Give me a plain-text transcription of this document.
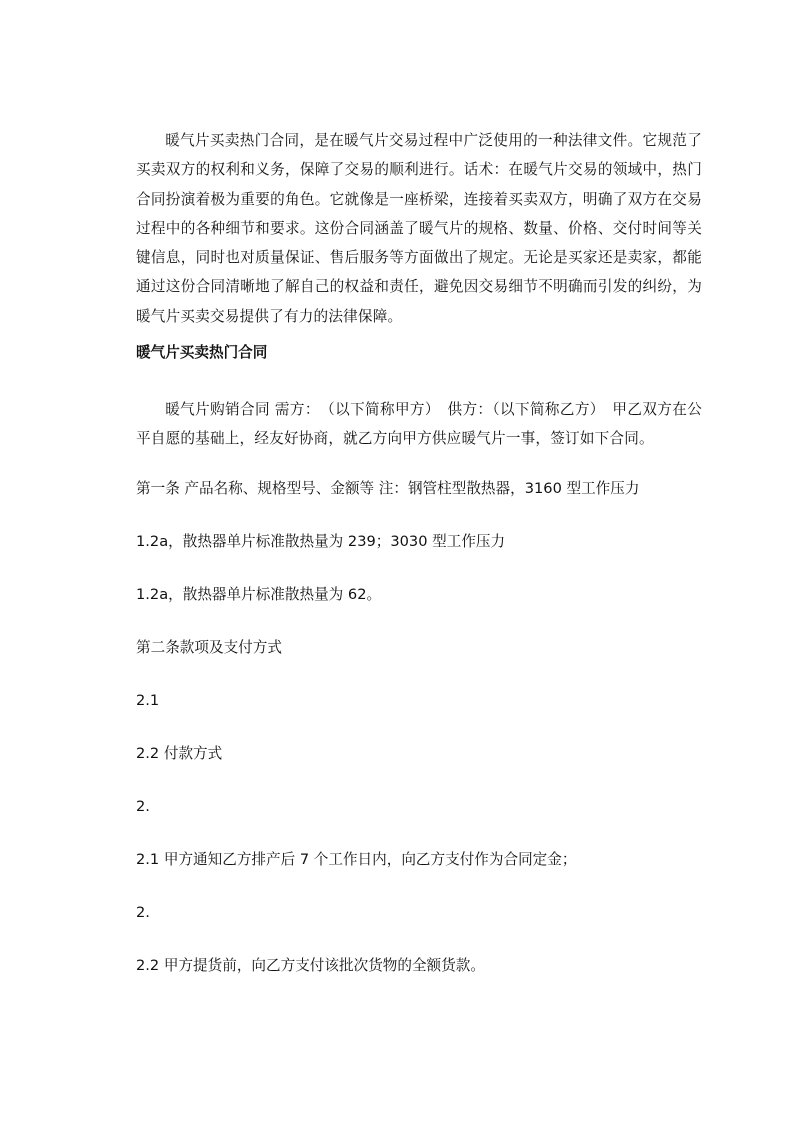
暖气片买卖热门合同，是在暖气片交易过程中广泛使用的一种法律文件。它规范了买卖双方的权利和义务，保障了交易的顺利进行。话术：在暖气片交易的领域中，热门合同扮演着极为重要的角色。它就像是一座桥梁，连接着买卖双方，明确了双方在交易过程中的各种细节和要求。这份合同涵盖了暖气片的规格、数量、价格、交付时间等关键信息，同时也对质量保证、售后服务等方面做出了规定。无论是买家还是卖家，都能通过这份合同清晰地了解自己的权益和责任，避免因交易细节不明确而引发的纠纷，为暖气片买卖交易提供了有力的法律保障。

暖气片买卖热门合同

暖气片购销合同 需方：　（以下简称甲方）　供方：（以下简称乙方）　甲乙双方在公平自愿的基础上，经友好协商，就乙方向甲方供应暖气片一事，签订如下合同。

第一条 产品名称、规格型号、金额等 注：钢管柱型散热器，3160 型工作压力
1.2a，散热器单片标准散热量为 239；3030 型工作压力
1.2a，散热器单片标准散热量为 62。
第二条款项及支付方式
2.1
2.2 付款方式
2.
2.1 甲方通知乙方排产后 7 个工作日内，向乙方支付作为合同定金；
2.
2.2 甲方提货前，向乙方支付该批次货物的全额货款。
